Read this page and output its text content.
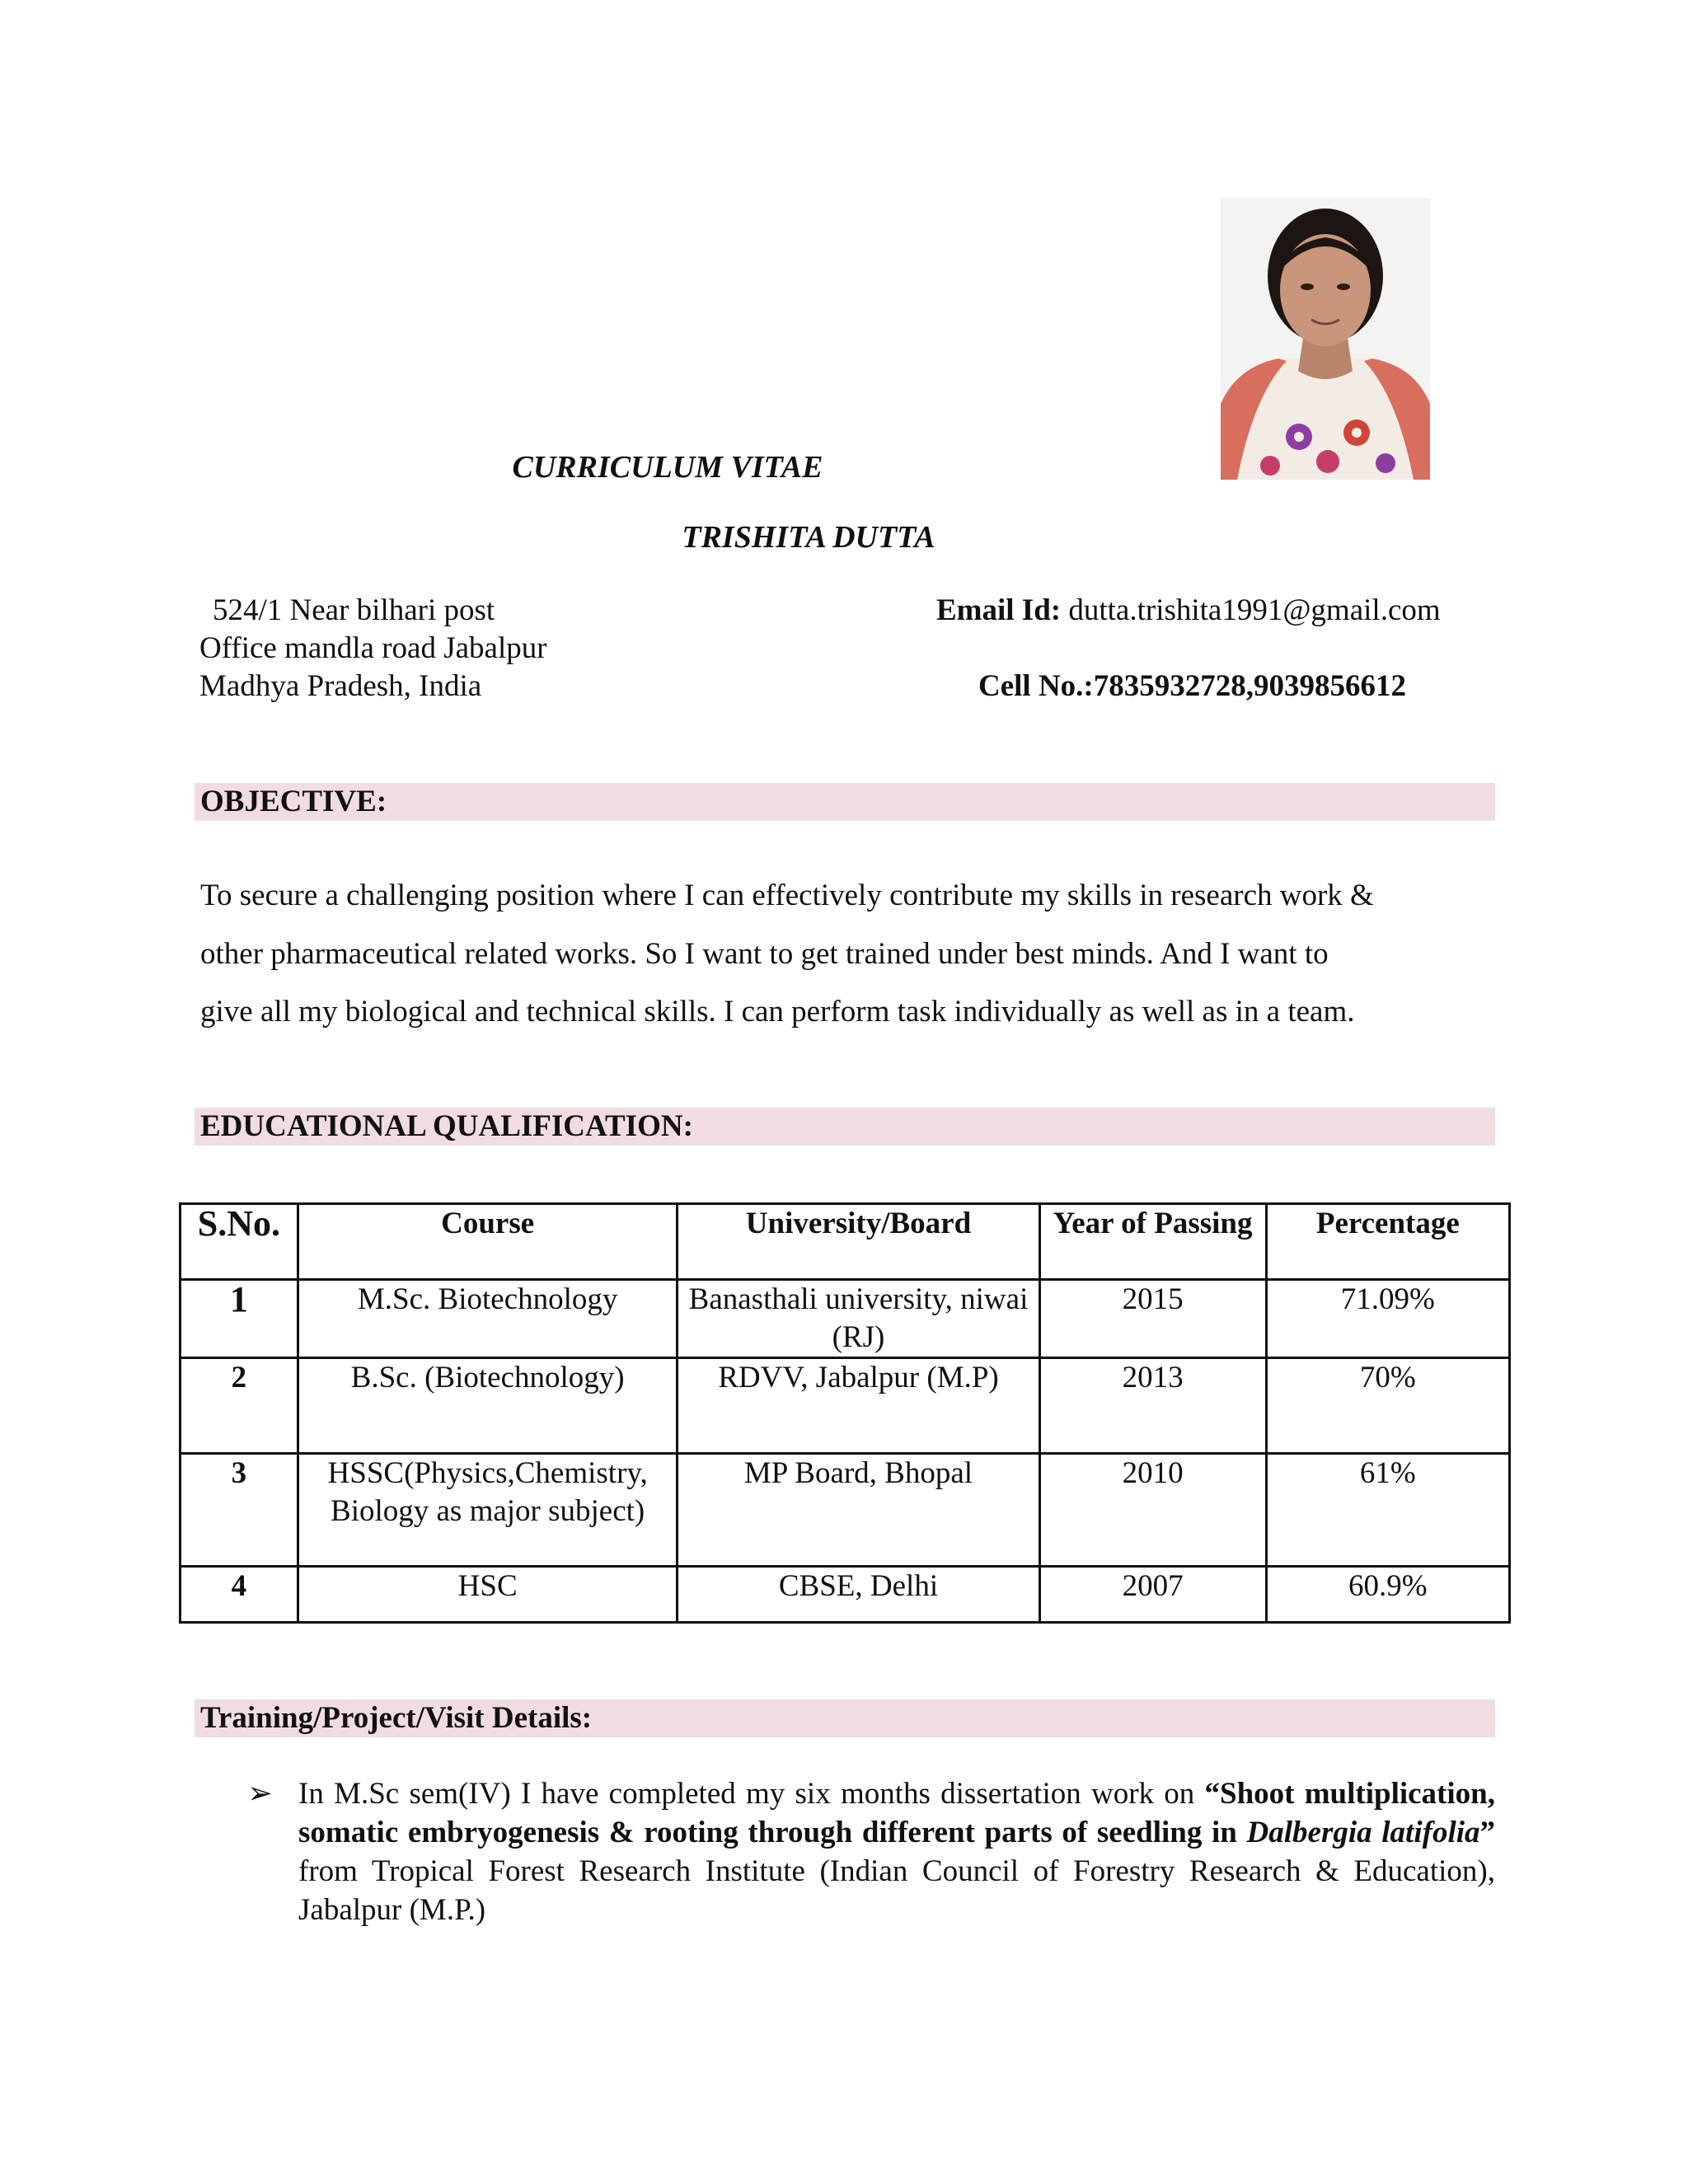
CURRICULUM VITAE
TRISHITA DUTTA
524/1 Near bilhari post
Office mandla road Jabalpur
Madhya Pradesh, India
Email Id: dutta.trishita1991@gmail.com
Cell No.:7835932728,9039856612
OBJECTIVE:
To secure a challenging position where I can effectively contribute my skills in research work &
other pharmaceutical related works. So I want to get trained under best minds. And I want to
give all my biological and technical skills. I can perform task individually as well as in a team.
EDUCATIONAL QUALIFICATION:
S.No.	Course	University/Board	Year of Passing	Percentage
1	M.Sc. Biotechnology	Banasthali university, niwai (RJ)	2015	71.09%
2	B.Sc. (Biotechnology)	RDVV, Jabalpur (M.P)	2013	70%
3	HSSC(Physics,Chemistry, Biology as major subject)	MP Board, Bhopal	2010	61%
4	HSC	CBSE, Delhi	2007	60.9%
Training/Project/Visit Details:
➢ In M.Sc sem(IV) I have completed my six months dissertation work on “Shoot multiplication, somatic embryogenesis & rooting through different parts of seedling in Dalbergia latifolia” from Tropical Forest Research Institute (Indian Council of Forestry Research & Education), Jabalpur (M.P.)
